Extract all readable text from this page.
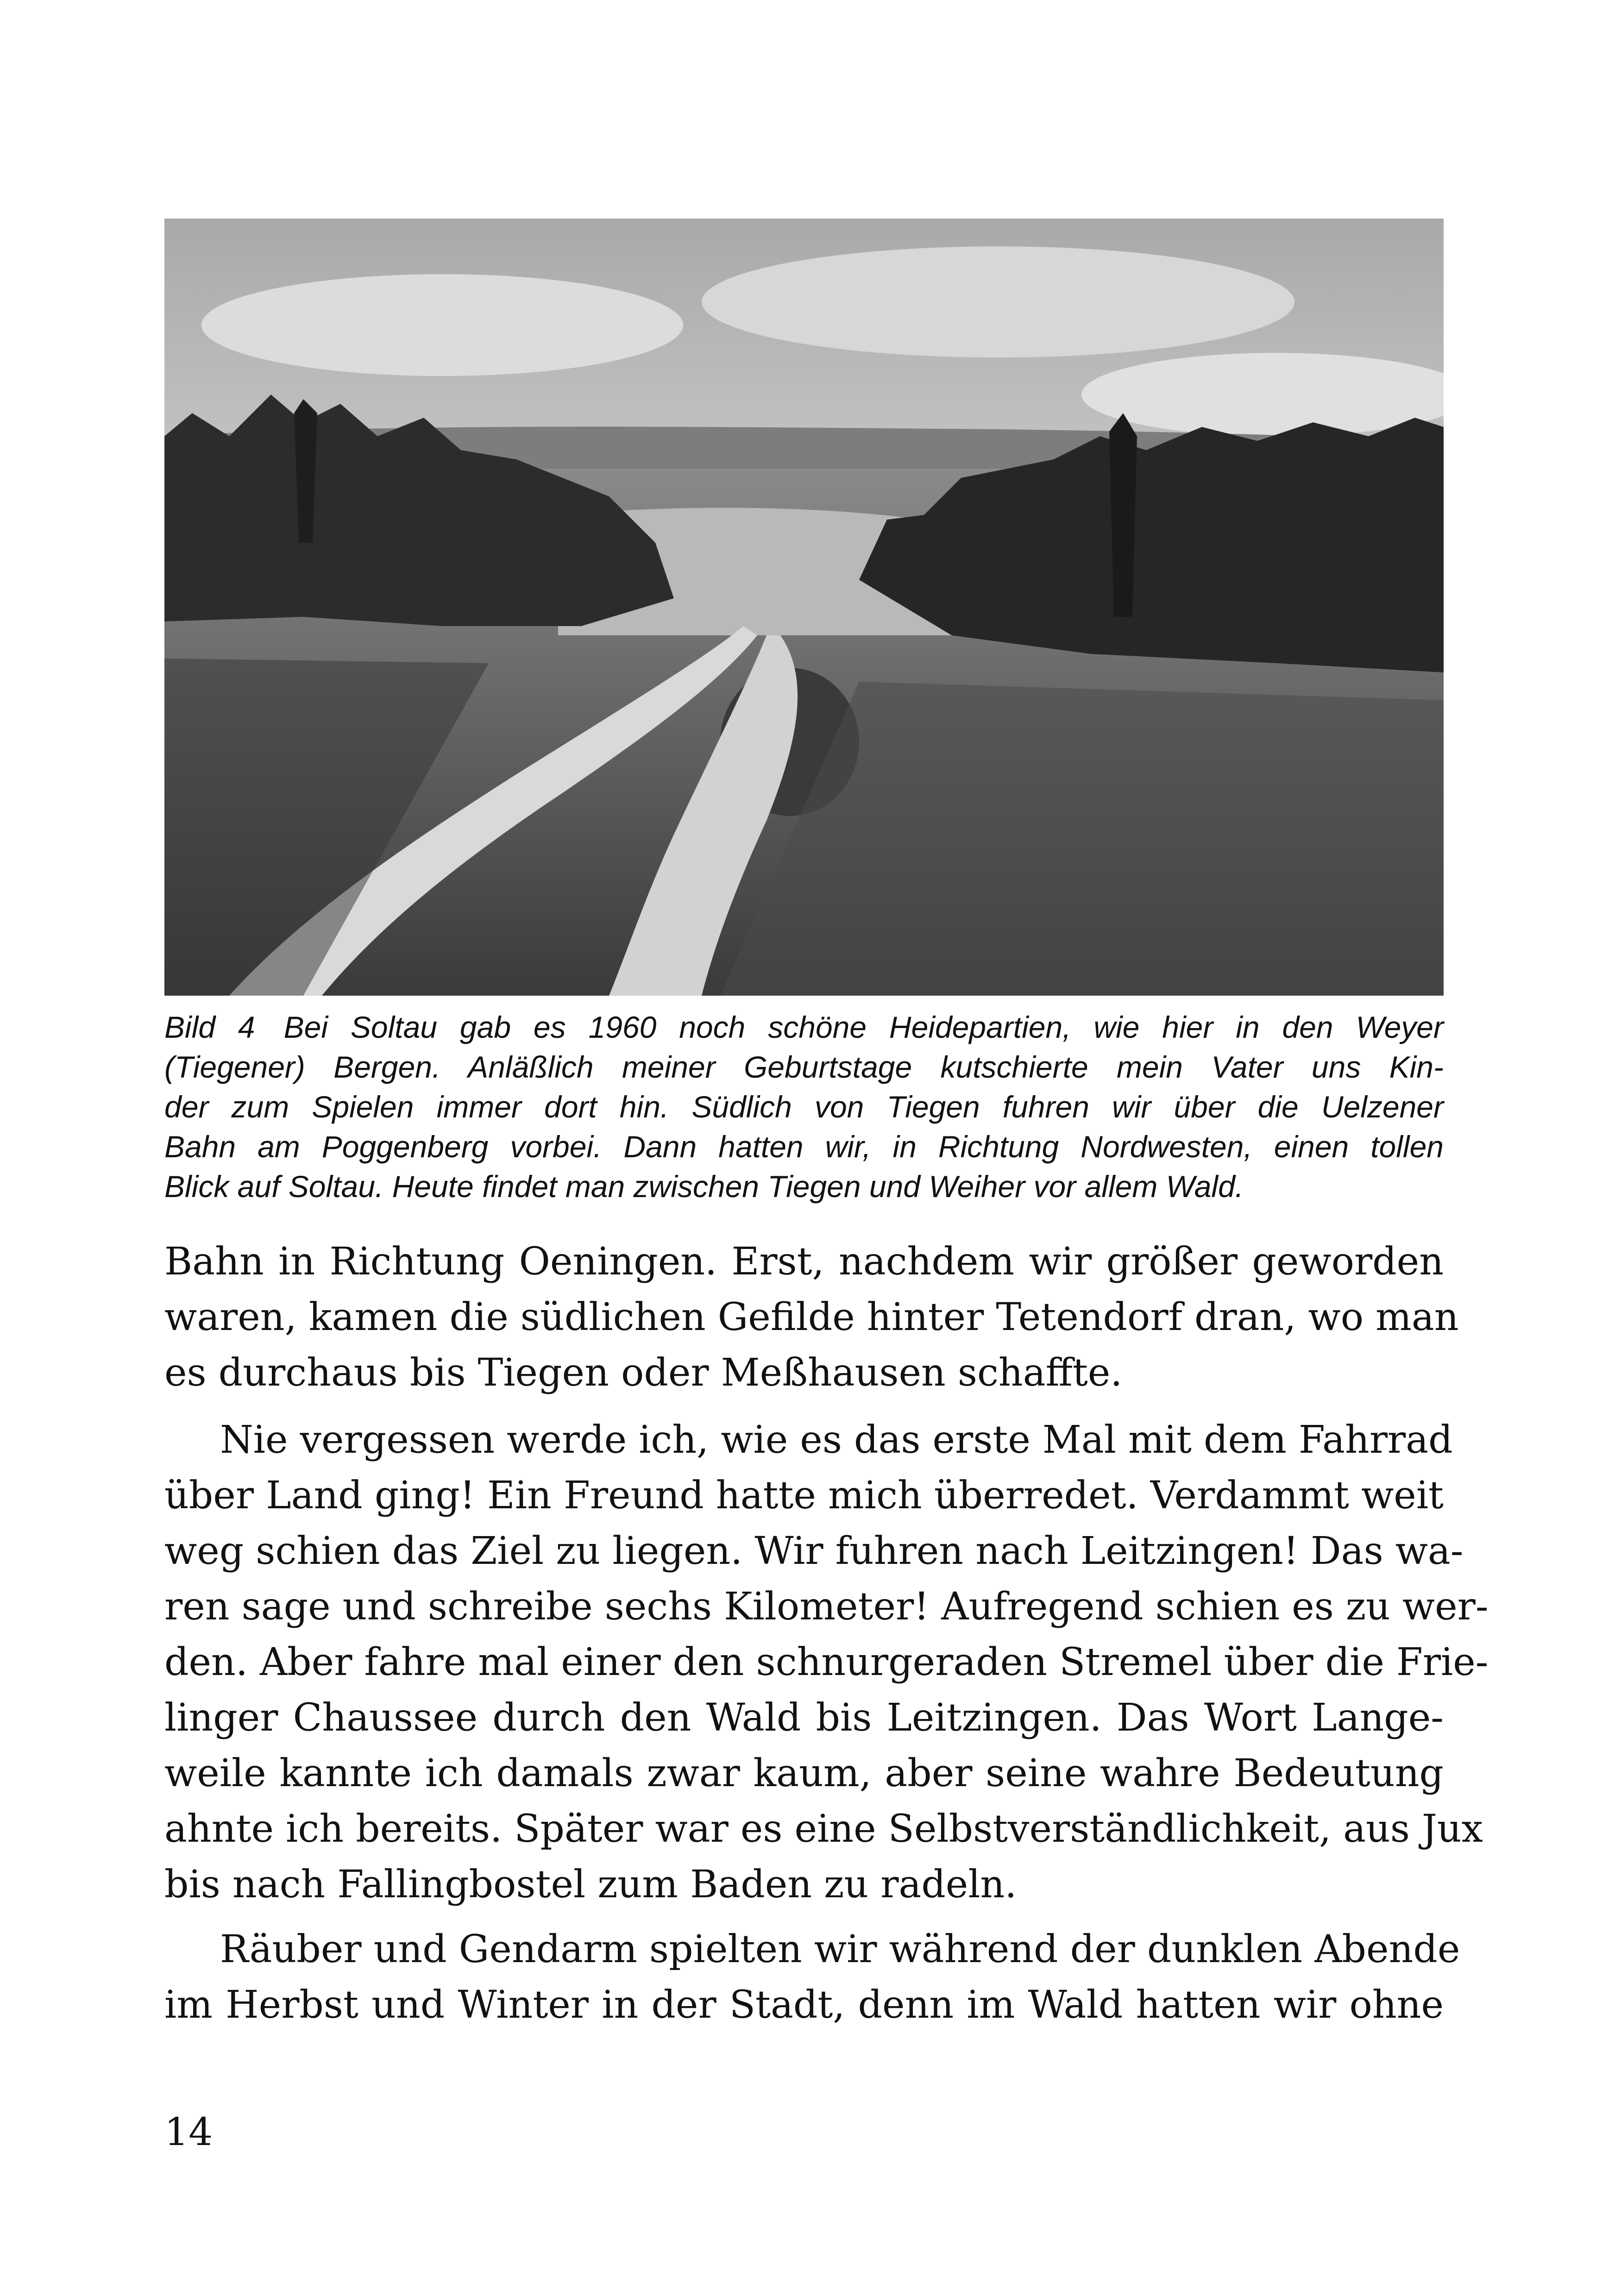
Bild 4 Bei Soltau gab es 1960 noch schöne Heidepartien, wie hier in den Weyer
(Tiegener) Bergen. Anläßlich meiner Geburtstage kutschierte mein Vater uns Kin-
der zum Spielen immer dort hin. Südlich von Tiegen fuhren wir über die Uelzener
Bahn am Poggenberg vorbei. Dann hatten wir, in Richtung Nordwesten, einen tollen
Blick auf Soltau. Heute findet man zwischen Tiegen und Weiher vor allem Wald.
Bahn in Richtung Oeningen. Erst, nachdem wir größer geworden
waren, kamen die südlichen Gefilde hinter Tetendorf dran, wo man
es durchaus bis Tiegen oder Meßhausen schaffte.
Nie vergessen werde ich, wie es das erste Mal mit dem Fahrrad
über Land ging! Ein Freund hatte mich überredet. Verdammt weit
weg schien das Ziel zu liegen. Wir fuhren nach Leitzingen! Das wa-
ren sage und schreibe sechs Kilometer! Aufregend schien es zu wer-
den. Aber fahre mal einer den schnurgeraden Stremel über die Frie-
linger Chaussee durch den Wald bis Leitzingen. Das Wort Lange-
weile kannte ich damals zwar kaum, aber seine wahre Bedeutung
ahnte ich bereits. Später war es eine Selbstverständlichkeit, aus Jux
bis nach Fallingbostel zum Baden zu radeln.
Räuber und Gendarm spielten wir während der dunklen Abende
im Herbst und Winter in der Stadt, denn im Wald hatten wir ohne
14
